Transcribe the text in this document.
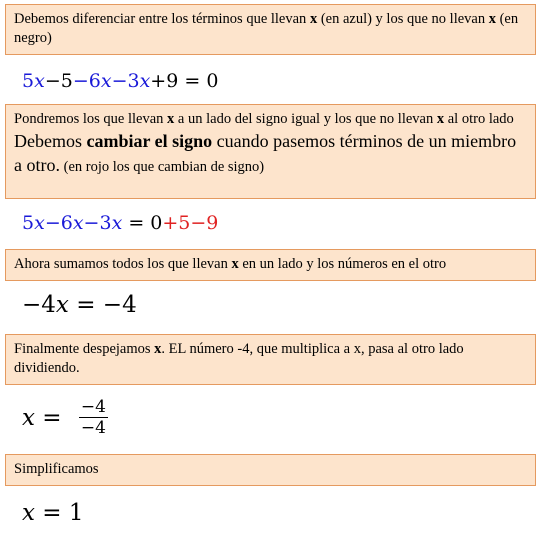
Debemos diferenciar entre los términos que llevan x (en azul) y los que no llevan x (en negro)
5x−5−6x−3x+9 = 0
Pondremos los que llevan x a un lado del signo igual y los que no llevan x al otro lado
Debemos cambiar el signo cuando pasemos términos de un miembro a otro. (en rojo los que cambian de signo)
5x−6x−3x = 0+5−9
Ahora sumamos todos los que llevan x en un lado y los números en el otro
−4x = −4
Finalmente despejamos x. EL número -4, que multiplica a x, pasa al otro lado dividiendo.
$x = \frac{-4}{-4}$
Simplificamos
x = 1
